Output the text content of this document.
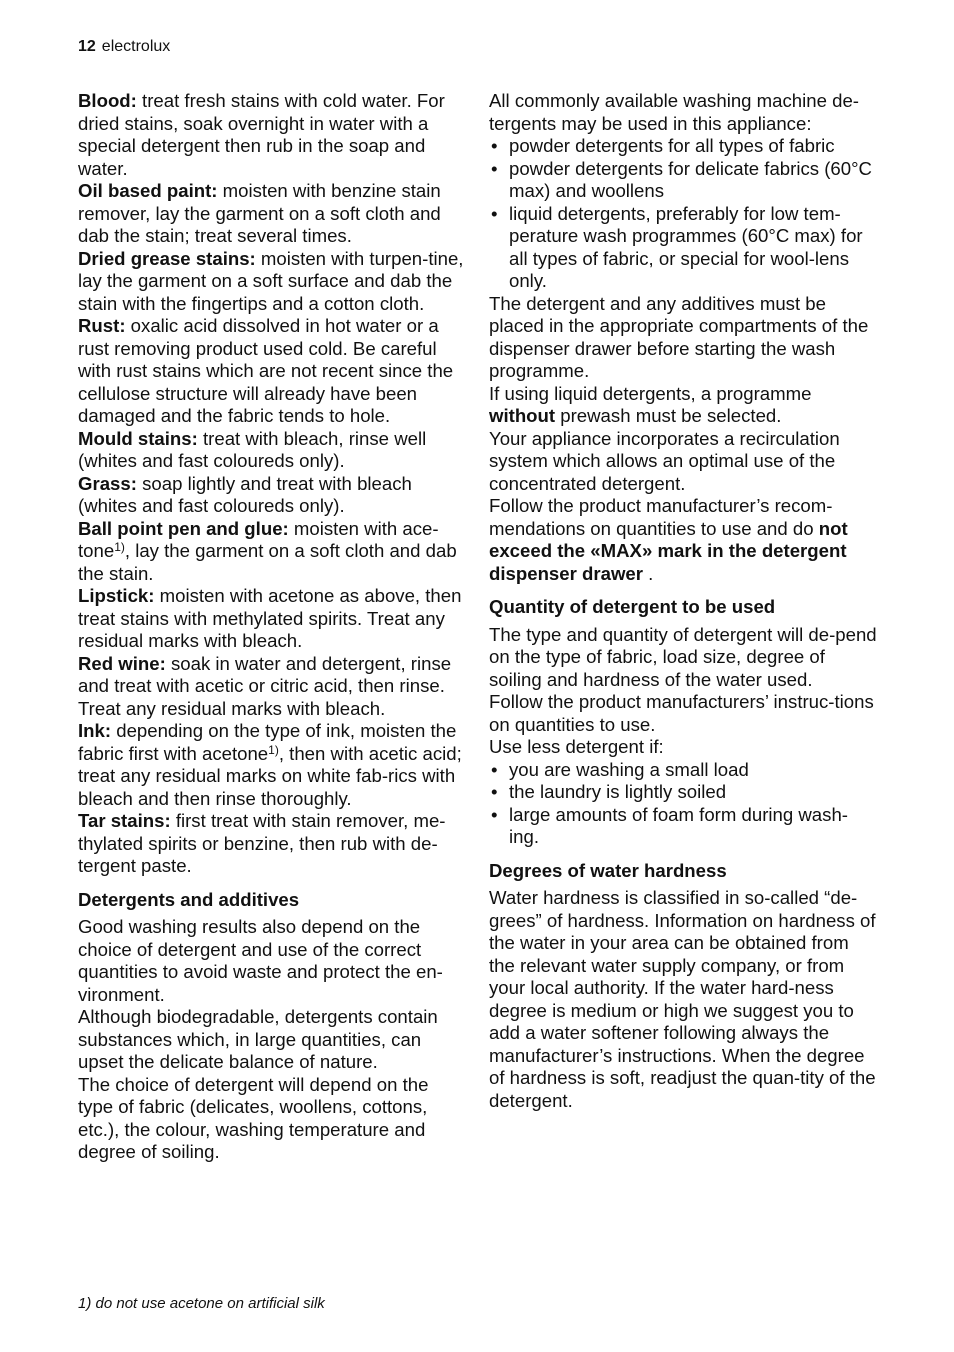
12 electrolux

Blood: treat fresh stains with cold water. For dried stains, soak overnight in water with a special detergent then rub in the soap and water.

Oil based paint: moisten with benzine stain remover, lay the garment on a soft cloth and dab the stain; treat several times.

Dried grease stains: moisten with turpen-tine, lay the garment on a soft surface and dab the stain with the fingertips and a cotton cloth.

Rust: oxalic acid dissolved in hot water or a rust removing product used cold. Be careful with rust stains which are not recent since the cellulose structure will already have been damaged and the fabric tends to hole.

Mould stains: treat with bleach, rinse well (whites and fast coloureds only).

Grass: soap lightly and treat with bleach (whites and fast coloureds only).

Ball point pen and glue: moisten with ace-tone$^{1)}$, lay the garment on a soft cloth and dab the stain.

Lipstick: moisten with acetone as above, then treat stains with methylated spirits. Treat any residual marks with bleach.

Red wine: soak in water and detergent, rinse and treat with acetic or citric acid, then rinse. Treat any residual marks with bleach.

Ink: depending on the type of ink, moisten the fabric first with acetone$^{1)}$, then with acetic acid; treat any residual marks on white fab-rics with bleach and then rinse thoroughly.

Tar stains: first treat with stain remover, me-thylated spirits or benzine, then rub with de-tergent paste.

Detergents and additives

Good washing results also depend on the choice of detergent and use of the correct quantities to avoid waste and protect the en-vironment.

Although biodegradable, detergents contain substances which, in large quantities, can upset the delicate balance of nature.

The choice of detergent will depend on the type of fabric (delicates, woollens, cottons, etc.), the colour, washing temperature and degree of soiling.

All commonly available washing machine de-tergents may be used in this appliance:

• powder detergents for all types of fabric
• powder detergents for delicate fabrics (60°C max) and woollens
• liquid detergents, preferably for low tem-perature wash programmes (60°C max) for all types of fabric, or special for wool-lens only.

The detergent and any additives must be placed in the appropriate compartments of the dispenser drawer before starting the wash programme.

If using liquid detergents, a programme without prewash must be selected.

Your appliance incorporates a recirculation system which allows an optimal use of the concentrated detergent.

Follow the product manufacturer’s recom-mendations on quantities to use and do not exceed the «MAX» mark in the detergent dispenser drawer .

Quantity of detergent to be used

The type and quantity of detergent will de-pend on the type of fabric, load size, degree of soiling and hardness of the water used.

Follow the product manufacturers’ instruc-tions on quantities to use.

Use less detergent if:

• you are washing a small load
• the laundry is lightly soiled
• large amounts of foam form during wash-ing.
Degrees of water hardness

Water hardness is classified in so-called “de-grees” of hardness. Information on hardness of the water in your area can be obtained from the relevant water supply company, or from your local authority. If the water hard-ness degree is medium or high we suggest you to add a water softener following always the manufacturer’s instructions. When the degree of hardness is soft, readjust the quan-tity of the detergent.

1) do not use acetone on artificial silk
